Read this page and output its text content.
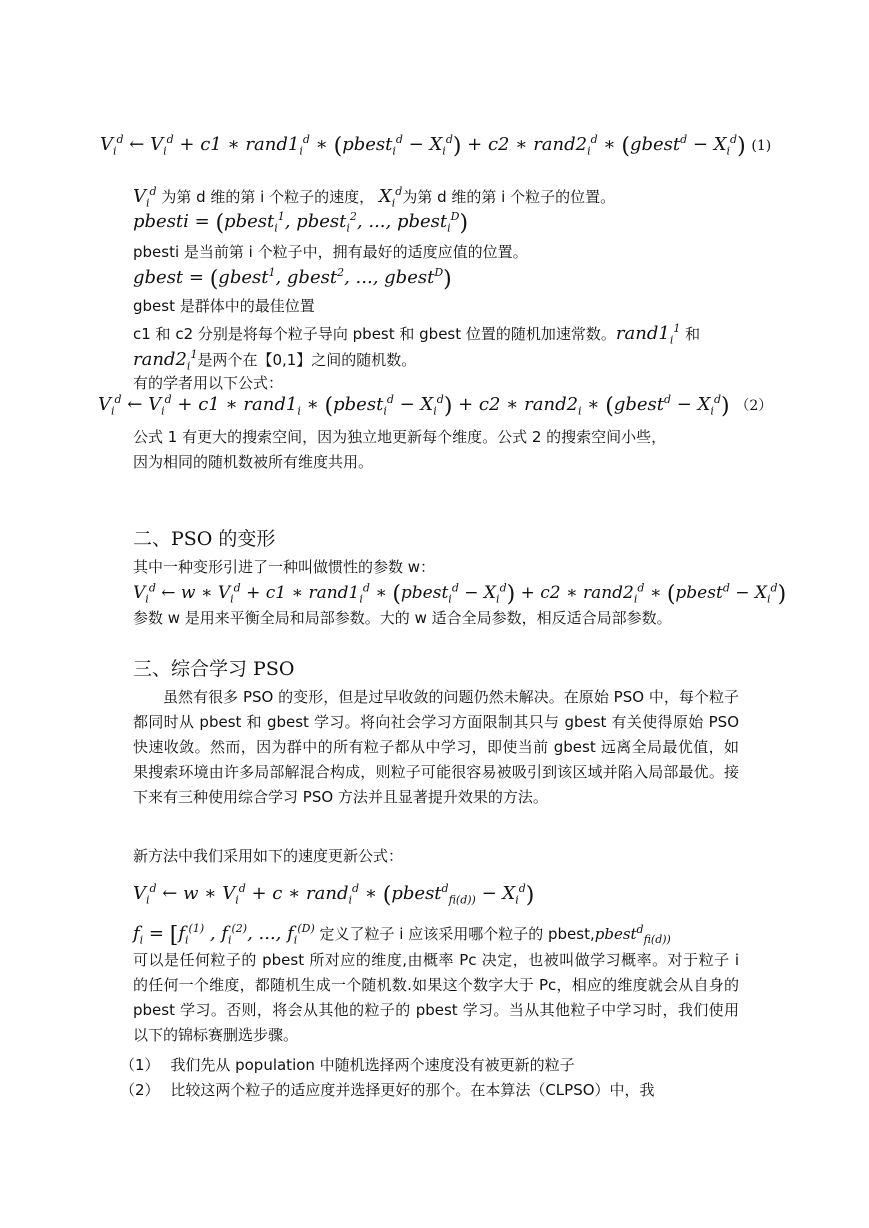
$V_i^d$ ← $V_i^d + c1$ ∗ $rand1_i^d$ ∗ (pbest$_i^d$ − $X_i^d) + c2$ ∗ $rand2_i^d$ ∗ (gbest$^d$ − $X_i^d$) (1)
$V_i^d$ 为第 d 维的第 i 个粒子的速度， $X_i^d$为第 d 维的第 i 个粒子的位置。
pbesti = (pbest$_i^1$, pbest$_i^2$, ..., pbest$_i^D$)
pbesti 是当前第 i 个粒子中，拥有最好的适度应值的位置。
gbest = (gbest$^1$, gbest$^2$, ..., gbest$^D$)
gbest 是群体中的最佳位置
c1 和 c2 分别是将每个粒子导向 pbest 和 gbest 位置的随机加速常数。$rand1_i^1$ 和
$rand2_i^1$是两个在【0,1】之间的随机数。
有的学者用以下公式：
$V_i^d$ ← $V_i^d + c1$ ∗ $rand1_i$ ∗ (pbest$_i^d$ − $X_i^d) + c2$ ∗ $rand2_i$ ∗ (gbest$^d$ − $X_i^d$) （2）
公式 1 有更大的搜索空间，因为独立地更新每个维度。公式 2 的搜索空间小些，
因为相同的随机数被所有维度共用。
二、PSO 的变形
其中一种变形引进了一种叫做惯性的参数 w：
$V_i^d$ ← w ∗ $V_i^d + c1$ ∗ $rand1_i^d$ ∗ (pbest$_i^d$ − $X_i^d) + c2$ ∗ $rand2_i^d$ ∗ (pbest$^d$ − $X_i^d$)
参数 w 是用来平衡全局和局部参数。大的 w 适合全局参数，相反适合局部参数。
三、综合学习 PSO
虽然有很多 PSO 的变形，但是过早收敛的问题仍然未解决。在原始 PSO 中，每个粒子都同时从 pbest 和 gbest 学习。将向社会学习方面限制其只与 gbest 有关使得原始 PSO 快速收敛。然而，因为群中的所有粒子都从中学习，即使当前 gbest 远离全局最优值，如果搜索环境由许多局部解混合构成，则粒子可能很容易被吸引到该区域并陷入局部最优。接下来有三种使用综合学习 PSO 方法并且显著提升效果的方法。
新方法中我们采用如下的速度更新公式：
$V_i^d$ ← w ∗ $V_i^d + c$ ∗ rand$_i^d$ ∗ (pbest$^d_{fi(d))}$ − $X_i^d$)
$f_i = [f_i^{(1)}$ , $f_i^{(2)}$, ..., $f_i^{(D)}$ 定义了粒子 i 应该采用哪个粒子的 pbest,pbest$^d_{fi(d))}$
可以是任何粒子的 pbest 所对应的维度,由概率 Pc 决定，也被叫做学习概率。对于粒子 i 的任何一个维度，都随机生成一个随机数.如果这个数字大于 Pc，相应的维度就会从自身的 pbest 学习。否则，将会从其他的粒子的 pbest 学习。当从其他粒子中学习时，我们使用以下的锦标赛删选步骤。
（1） 我们先从 population 中随机选择两个速度没有被更新的粒子
（2） 比较这两个粒子的适应度并选择更好的那个。在本算法（CLPSO）中，我
